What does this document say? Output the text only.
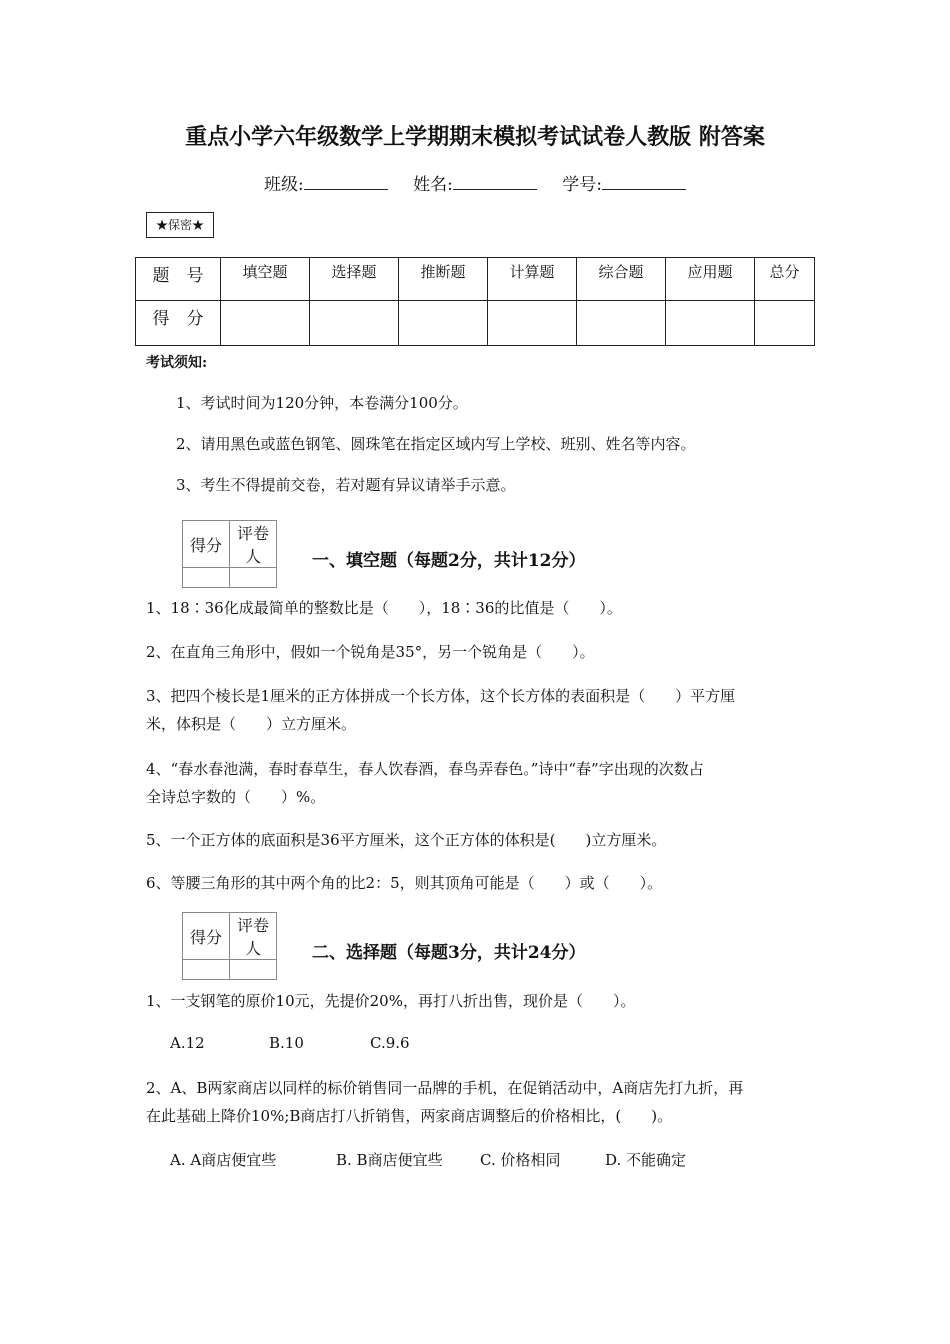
重点小学六年级数学上学期期末模拟考试试卷人教版 附答案
班级:	姓名:	学号:
★保密★
题　号	填空题	选择题	推断题	计算题	综合题	应用题	总分
得　分							
考试须知:
1、考试时间为120分钟，本卷满分100分。
2、请用黑色或蓝色钢笔、圆珠笔在指定区域内写上学校、班别、姓名等内容。
3、考生不得提前交卷，若对题有异议请举手示意。
得分	评卷人
		一、填空题（每题2分，共计12分）
1、18∶36化成最简单的整数比是（　　），18∶36的比值是（　　）。
2、在直角三角形中，假如一个锐角是35°，另一个锐角是（　　）。
3、把四个棱长是1厘米的正方体拼成一个长方体，这个长方体的表面积是（　　）平方厘
米，体积是（　　）立方厘米。
4、“春水春池满，春时春草生，春人饮春酒，春鸟弄春色。”诗中“春”字出现的次数占
全诗总字数的（　　）%。
5、一个正方体的底面积是36平方厘米，这个正方体的体积是(　　)立方厘米。
6、等腰三角形的其中两个角的比2：5，则其顶角可能是（　　）或（　　）。
得分	评卷人
		二、选择题（每题3分，共计24分）
1、一支钢笔的原价10元，先提价20%，再打八折出售，现价是（　　）。
A.12	B.10	C.9.6
2、A、B两家商店以同样的标价销售同一品牌的手机，在促销活动中，A商店先打九折，再
在此基础上降价10%;B商店打八折销售，两家商店调整后的价格相比，(　　)。
A. A商店便宜些	B. B商店便宜些 C. 价格相同	D. 不能确定
